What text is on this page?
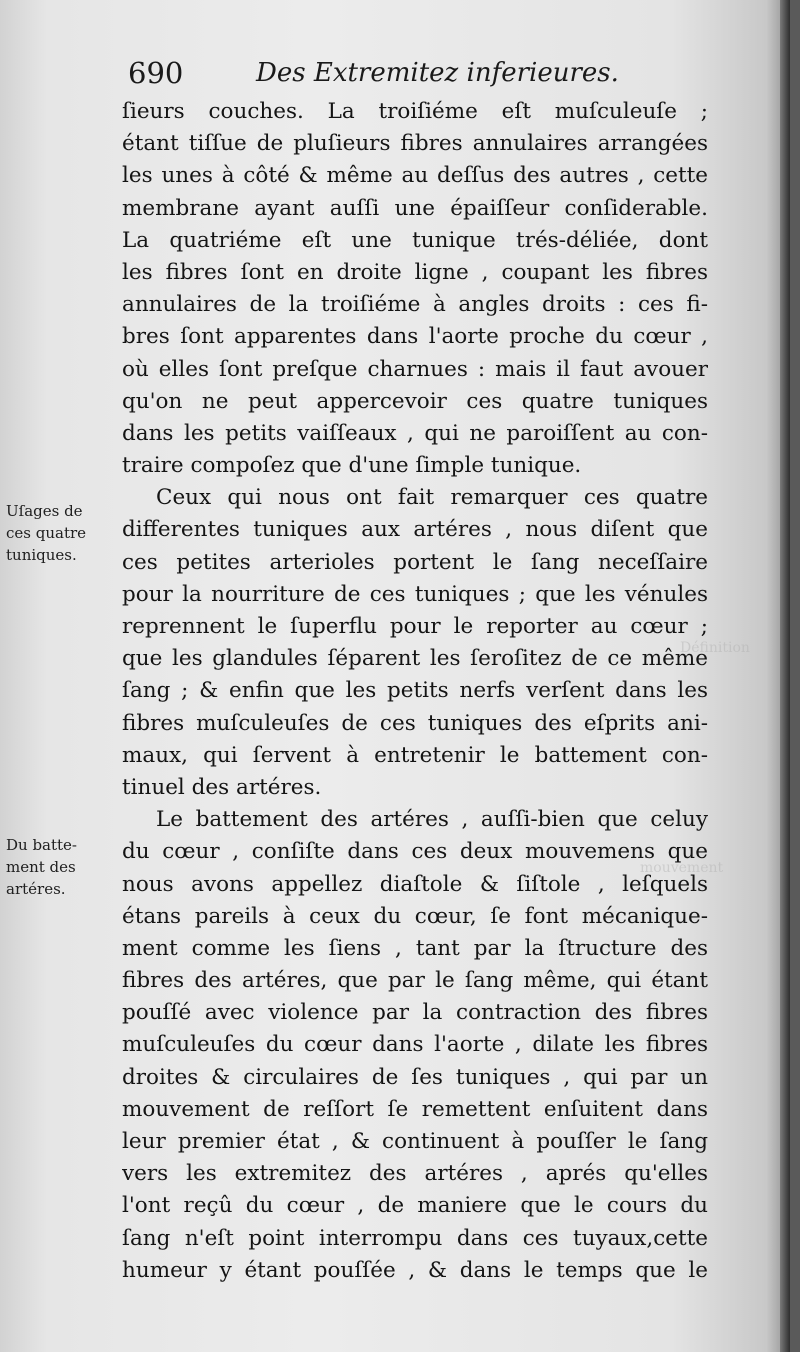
Définition
mouvement
690	Des Extremitez inferieures.
Uſages de
ces quatre
tuniques.
Du batte-
ment des
artéres.
ſieurs couches. La troiſiéme eſt muſculeuſe ;
étant tiſſue de pluſieurs fibres annulaires arrangées
les unes à côté & même au deſſus des autres , cette
membrane ayant auſſi une épaiſſeur conſiderable.
La quatriéme eſt une tunique trés-déliée, dont
les fibres ſont en droite ligne , coupant les fibres
annulaires de la troiſiéme à angles droits : ces fi-
bres ſont apparentes dans l'aorte proche du cœur ,
où elles ſont preſque charnues : mais il faut avouer
qu'on ne peut appercevoir ces quatre tuniques
dans les petits vaiſſeaux , qui ne paroiſſent au con-
traire compoſez que d'une ſimple tunique.
Ceux qui nous ont fait remarquer ces quatre
differentes tuniques aux artéres , nous diſent que
ces petites arterioles portent le ſang neceſſaire
pour la nourriture de ces tuniques ; que les vénules
reprennent le ſuperflu pour le reporter au cœur ;
que les glandules ſéparent les ſeroſitez de ce même
ſang ; & enfin que les petits nerfs verſent dans les
fibres muſculeuſes de ces tuniques des eſprits ani-
maux, qui ſervent à entretenir le battement con-
tinuel des artéres.
Le battement des artéres , auſſi-bien que celuy
du cœur , conſiſte dans ces deux mouvemens que
nous avons appellez diaſtole & ſiſtole , leſquels
étans pareils à ceux du cœur, ſe font mécanique-
ment comme les ſiens , tant par la ſtructure des
fibres des artéres, que par le ſang même, qui étant
pouſſé avec violence par la contraction des fibres
muſculeuſes du cœur dans l'aorte , dilate les fibres
droites & circulaires de ſes tuniques , qui par un
mouvement de reſſort ſe remettent enſuitent dans
leur premier état , & continuent à pouſſer le ſang
vers les extremitez des artéres , aprés qu'elles
l'ont reçû du cœur , de maniere que le cours du
ſang n'eſt point interrompu dans ces tuyaux,cette
humeur y étant pouſſée , & dans le temps que le
